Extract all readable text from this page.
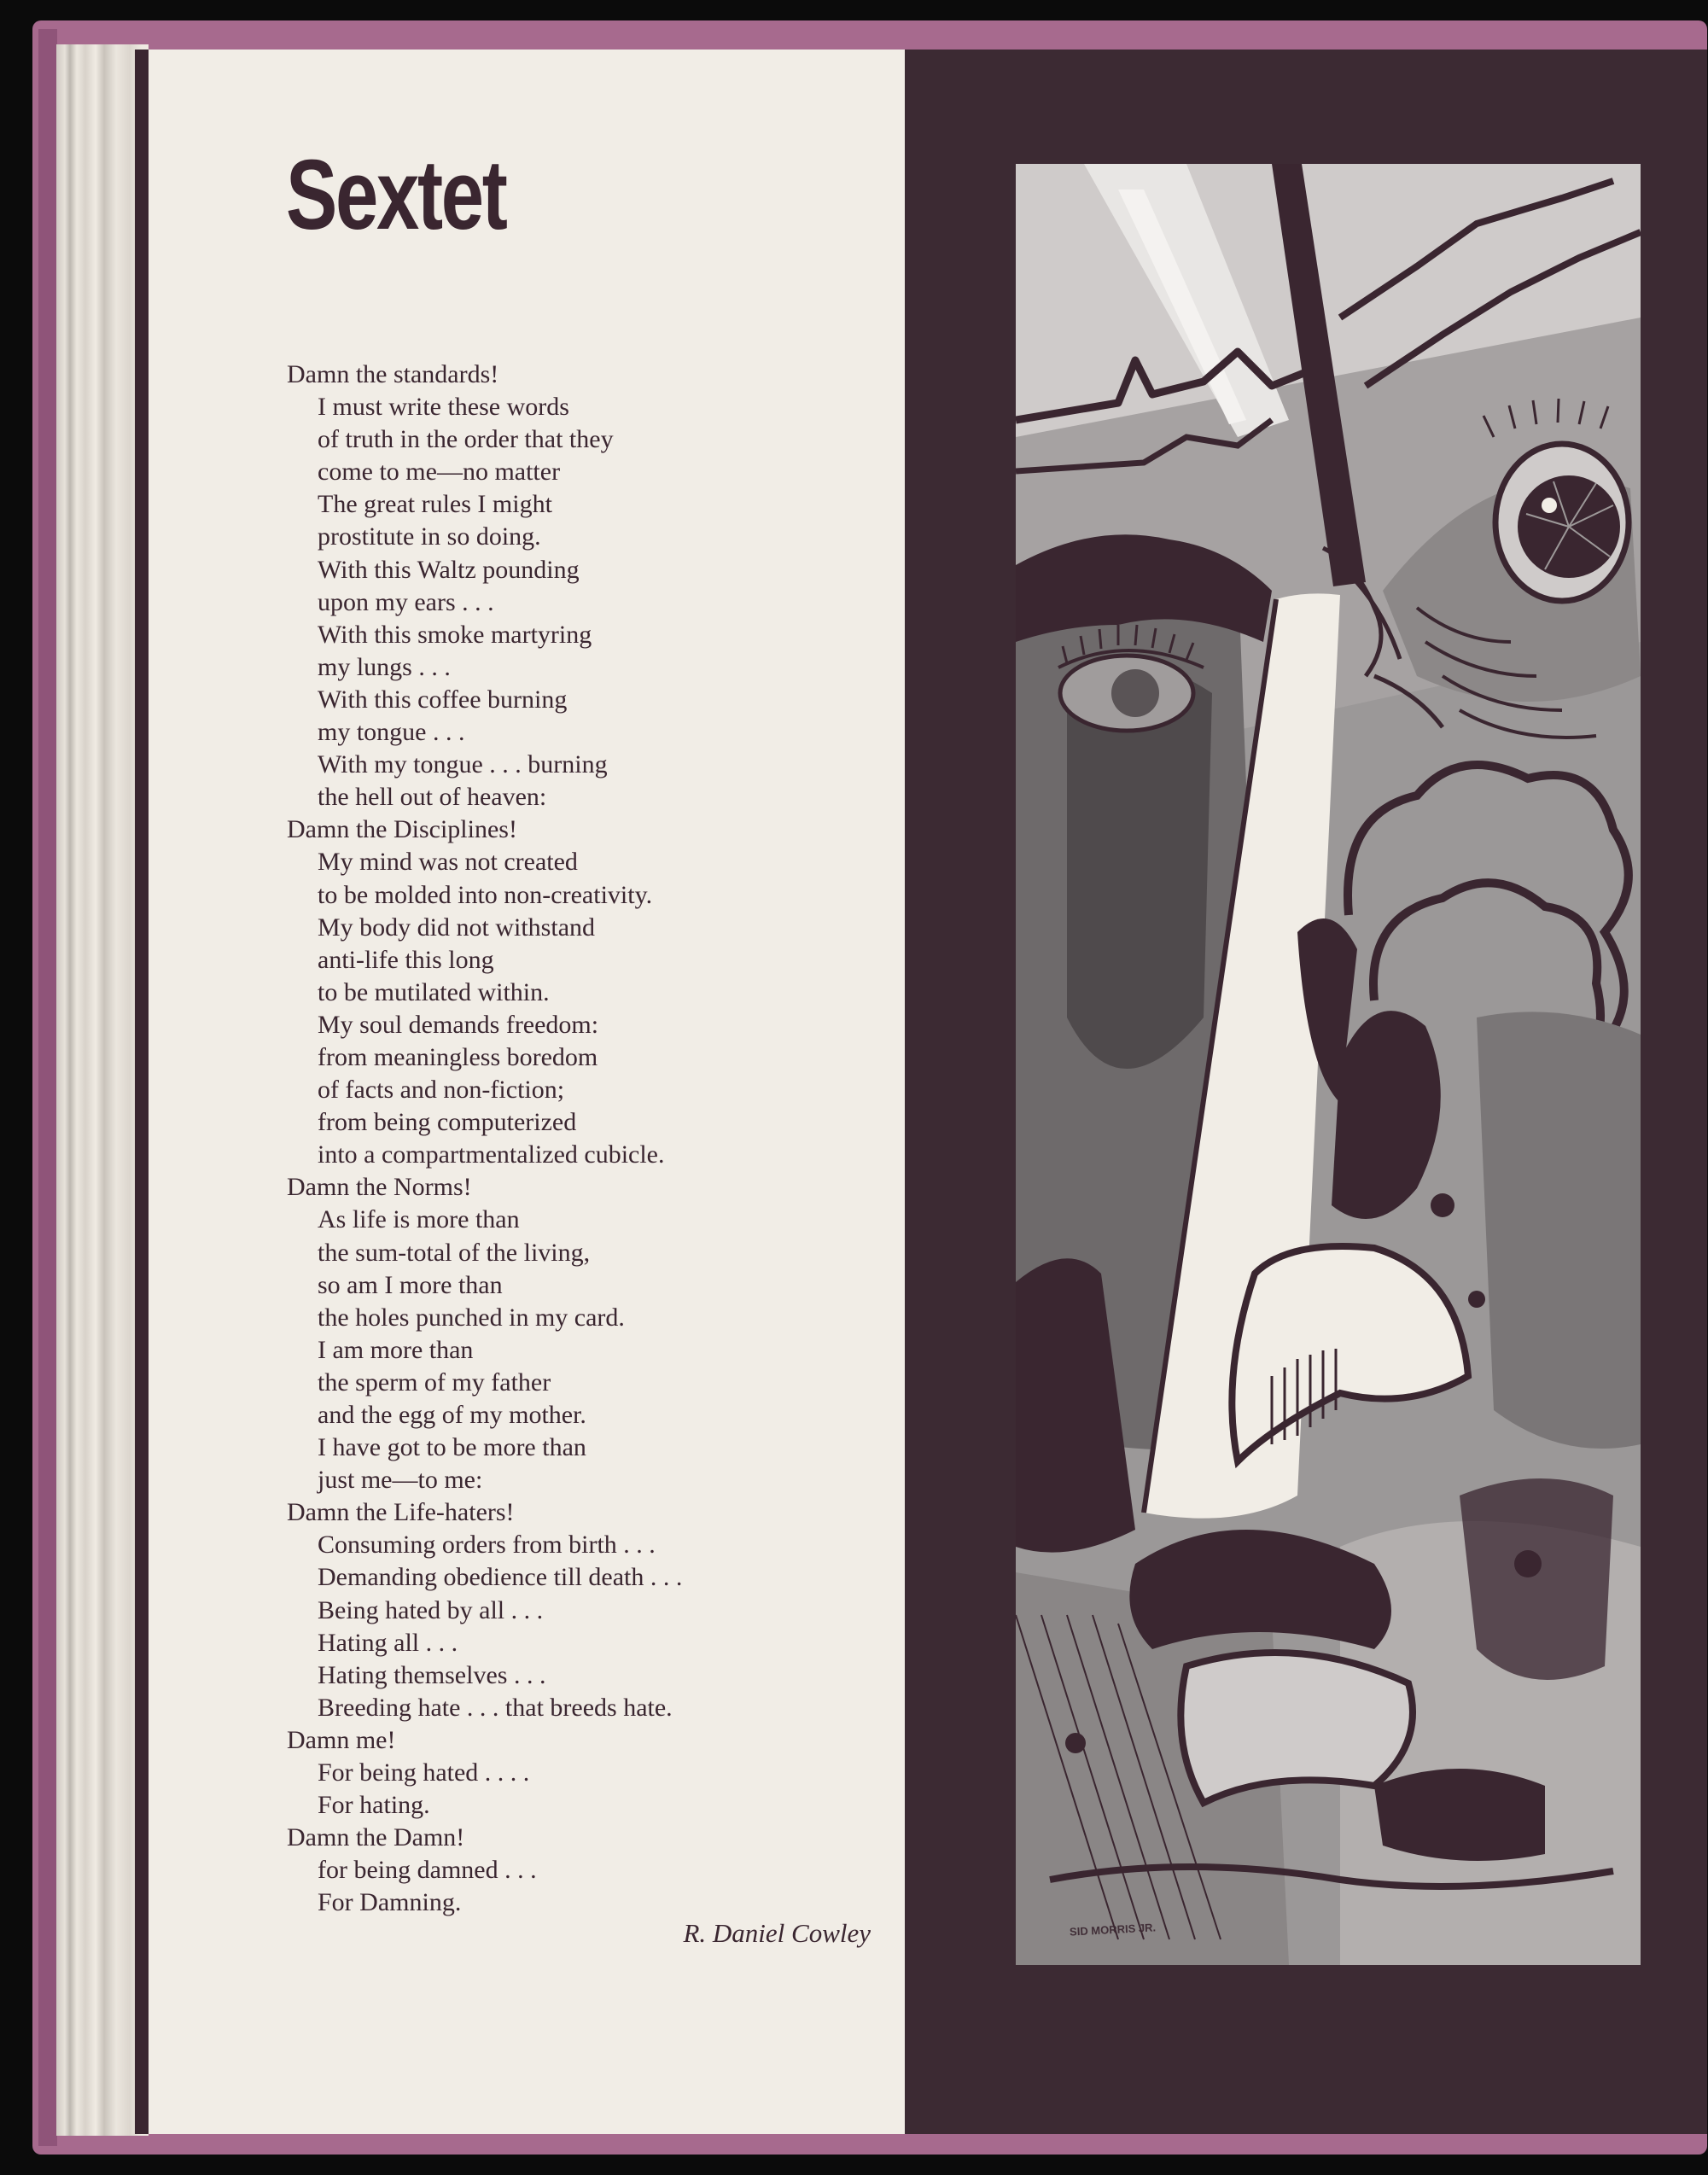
Sextet
Damn the standards!
I must write these words
of truth in the order that they
come to me—no matter
The great rules I might
prostitute in so doing.
With this Waltz pounding
upon my ears . . .
With this smoke martyring
my lungs . . .
With this coffee burning
my tongue . . .
With my tongue . . . burning
the hell out of heaven:
Damn the Disciplines!
My mind was not created
to be molded into non-creativity.
My body did not withstand
anti-life this long
to be mutilated within.
My soul demands freedom:
from meaningless boredom
of facts and non-fiction;
from being computerized
into a compartmentalized cubicle.
Damn the Norms!
As life is more than
the sum-total of the living,
so am I more than
the holes punched in my card.
I am more than
the sperm of my father
and the egg of my mother.
I have got to be more than
just me—to me:
Damn the Life-haters!
Consuming orders from birth . . .
Demanding obedience till death . . .
Being hated by all . . .
Hating all . . .
Hating themselves . . .
Breeding hate . . . that breeds hate.
Damn me!
For being hated . . . .
For hating.
Damn the Damn!
for being damned . . .
For Damning.
R. Daniel Cowley	SID MORRIS JR.
